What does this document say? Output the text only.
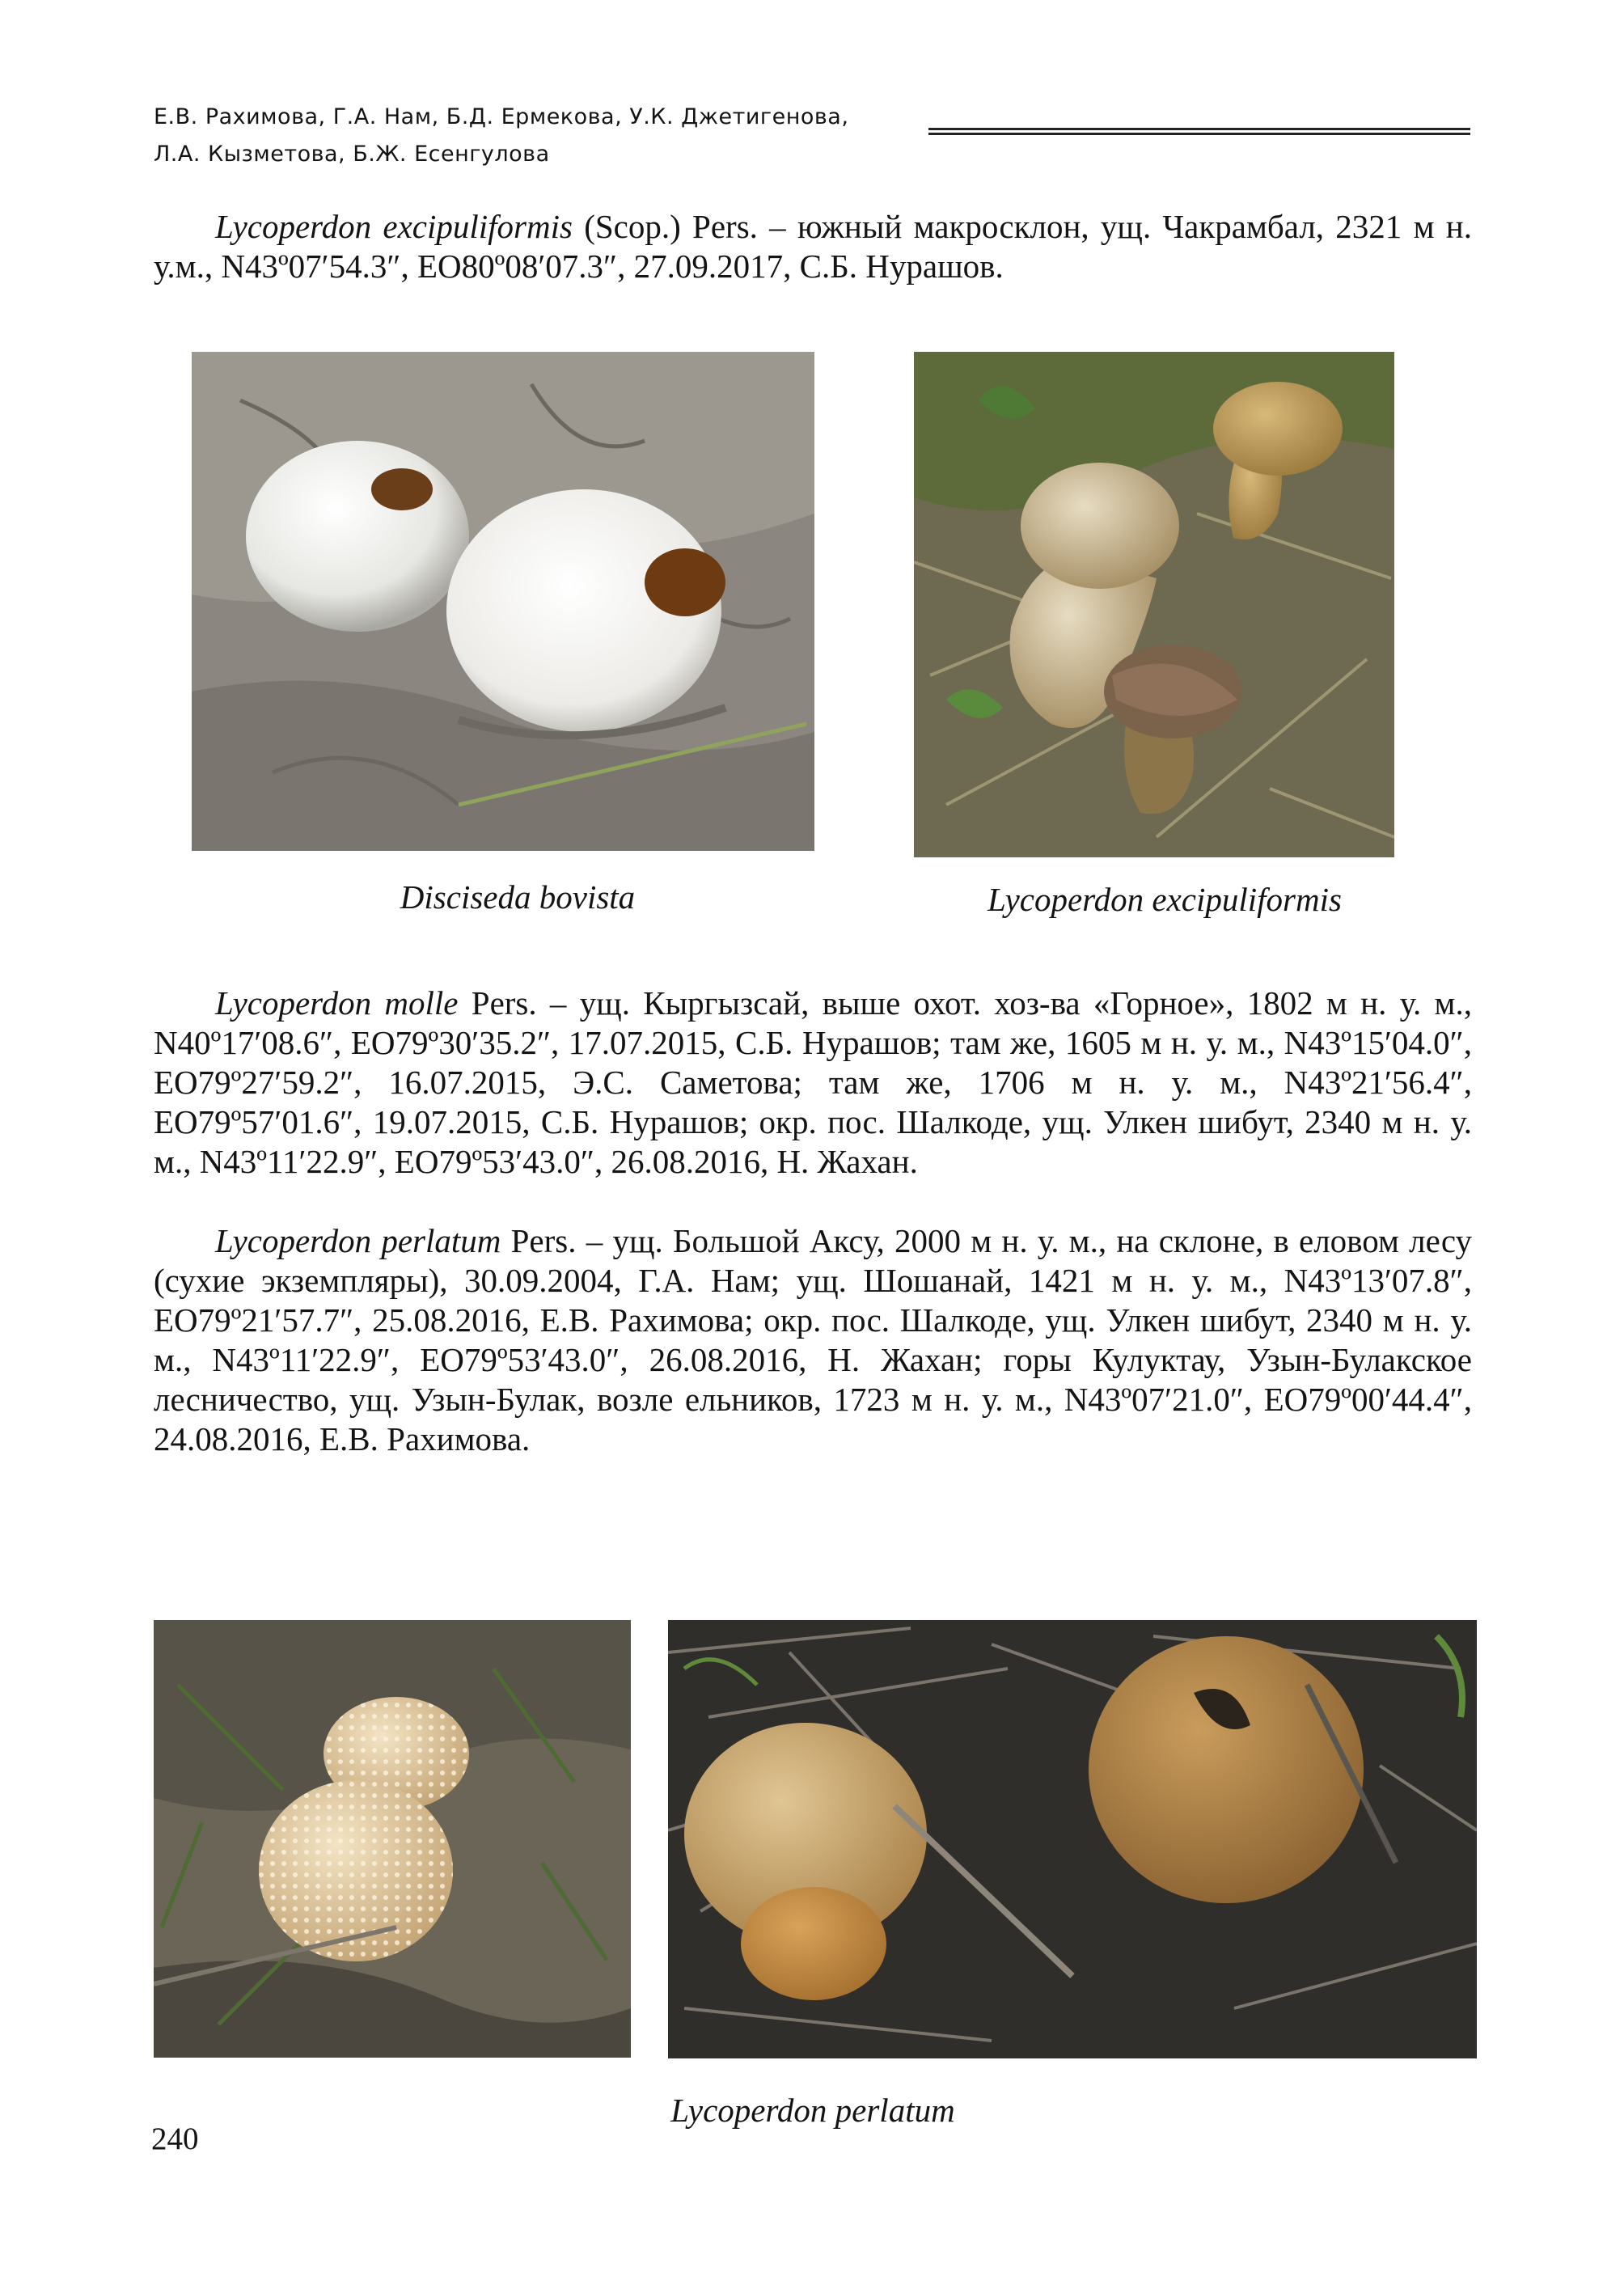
Е.В. Рахимова, Г.А. Нам, Б.Д. Ермекова, У.К. Джетигенова,
Л.А. Кызметова, Б.Ж. Есенгулова

Lycoperdon excipuliformis (Scop.) Pers. – южный макросклон, ущ. Чакрамбал, 2321 м н. у.м., N43º07′54.3″, ЕО80º08′07.3″, 27.09.2017, С.Б. Нурашов.

Disciseda bovista	Lycoperdon excipuliformis

Lycoperdon molle Pers. – ущ. Кыргызсай, выше охот. хоз-ва «Горное», 1802 м н. у. м., N40º17′08.6″, ЕО79º30′35.2″, 17.07.2015, С.Б. Нурашов; там же, 1605 м н. у. м., N43º15′04.0″, ЕО79º27′59.2″, 16.07.2015, Э.С. Саметова; там же, 1706 м н. у. м., N43º21′56.4″, ЕО79º57′01.6″, 19.07.2015, С.Б. Нурашов; окр. пос. Шалкоде, ущ. Улкен шибут, 2340 м н. у. м., N43º11′22.9″, ЕО79º53′43.0″, 26.08.2016, Н. Жахан.

Lycoperdon perlatum Pers. – ущ. Большой Аксу, 2000 м н. у. м., на склоне, в еловом лесу (сухие экземпляры), 30.09.2004, Г.А. Нам; ущ. Шошанай, 1421 м н. у. м., N43º13′07.8″, ЕО79º21′57.7″, 25.08.2016, Е.В. Рахимова; окр. пос. Шалкоде, ущ. Улкен шибут, 2340 м н. у. м., N43º11′22.9″, ЕО79º53′43.0″, 26.08.2016, Н. Жахан; горы Кулуктау, Узын-Булакское лесничество, ущ. Узын-Булак, возле ельников, 1723 м н. у. м., N43º07′21.0″, ЕО79º00′44.4″, 24.08.2016, Е.В. Рахимова.

Lycoperdon perlatum

240
